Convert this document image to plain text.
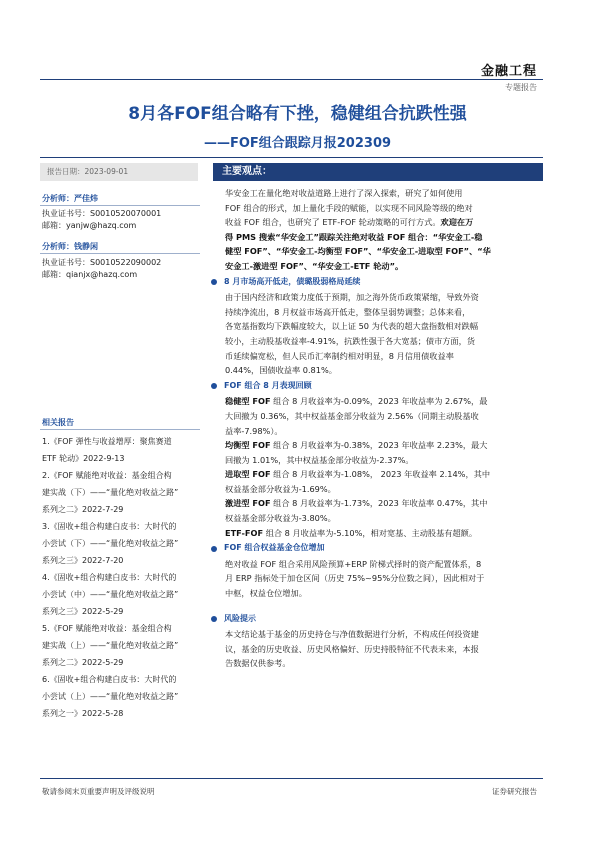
金融工程
专题报告
8月各FOF组合略有下挫，稳健组合抗跌性强
——FOF组合跟踪月报202309
报告日期：2023-09-01
分析师：严佳炜
执业证书号：S0010520070001
邮箱：yanjw@hazq.com
分析师：钱静闲
执业证书号：S0010522090002
邮箱：qianjx@hazq.com
相关报告
1.《FOF 弹性与收益增厚：聚焦赛道
ETF 轮动》2022-9-13
2.《FOF 赋能绝对收益：基金组合构
建实战（下）——“量化绝对收益之路”
系列之二》2022-7-29
3.《固收+组合构建白皮书：大时代的
小尝试（下）——“量化绝对收益之路”
系列之三》2022-7-20
4.《固收+组合构建白皮书：大时代的
小尝试（中）——“量化绝对收益之路”
系列之三》2022-5-29
5.《FOF 赋能绝对收益：基金组合构
建实战（上）——“量化绝对收益之路”
系列之二》2022-5-29
6.《固收+组合构建白皮书：大时代的
小尝试（上）——“量化绝对收益之路”
系列之一》2022-5-28
主要观点：

华安金工在量化绝对收益道路上进行了深入探索，研究了如何使用

FOF 组合的形式，加上量化手段的赋能，以实现不同风险等级的绝对

收益 FOF 组合，也研究了 ETF-FOF 轮动策略的可行方式。欢迎在万

得 PMS 搜索“华安金工”跟踪关注绝对收益 FOF 组合：“华安金工-稳

健型 FOF”、“华安金工-均衡型 FOF”、“华安金工-进取型 FOF”、“华

安金工-激进型 FOF”、“华安金工-ETF 轮动”。

8 月市场高开低走，债璐股弱格局延续

由于国内经济和政策力度低于预期，加之海外货币政策紧缩，导致外资

持续净流出，8 月权益市场高开低走，整体呈弱势调整；总体来看，

各宽基指数均下跌幅度较大，以上证 50 为代表的超大盘指数相对跌幅

较小，主动股基收益率-4.91%，抗跌性强于各大宽基；债市方面，货

币延续偏宽松，但人民币汇率制约相对明显，8 月信用债收益率

0.44%，国债收益率 0.81%。

FOF 组合 8 月表现回顾

稳健型 FOF 组合 8 月收益率为-0.09%，2023 年收益率为 2.67%，最

大回撤为 0.36%，其中权益基金部分收益为 2.56%（同期主动股基收

益率-7.98%）。

均衡型 FOF 组合 8 月收益率为-0.38%，2023 年收益率 2.23%，最大

回撤为 1.01%，其中权益基金部分收益为-2.37%。

进取型 FOF 组合 8 月收益率为-1.08%， 2023 年收益率 2.14%，其中

权益基金部分收益为-1.69%。

激进型 FOF 组合 8 月收益率为-1.73%，2023 年收益率 0.47%，其中

权益基金部分收益为-3.80%。

ETF-FOF 组合 8 月收益率为-5.10%，相对宽基、主动股基有超额。

FOF 组合权益基金仓位增加

绝对收益 FOF 组合采用风险预算+ERP 阶梯式择时的资产配置体系，8

月 ERP 指标处于加仓区间（历史 75%~95%分位数之间），因此相对于

中枢，权益仓位增加。

风险提示

本文结论基于基金的历史持仓与净值数据进行分析，不构成任何投资建

议，基金的历史收益、历史风格偏好、历史持股特征不代表未来，本报

告数据仅供参考。

敬请参阅末页重要声明及评级说明	证券研究报告
